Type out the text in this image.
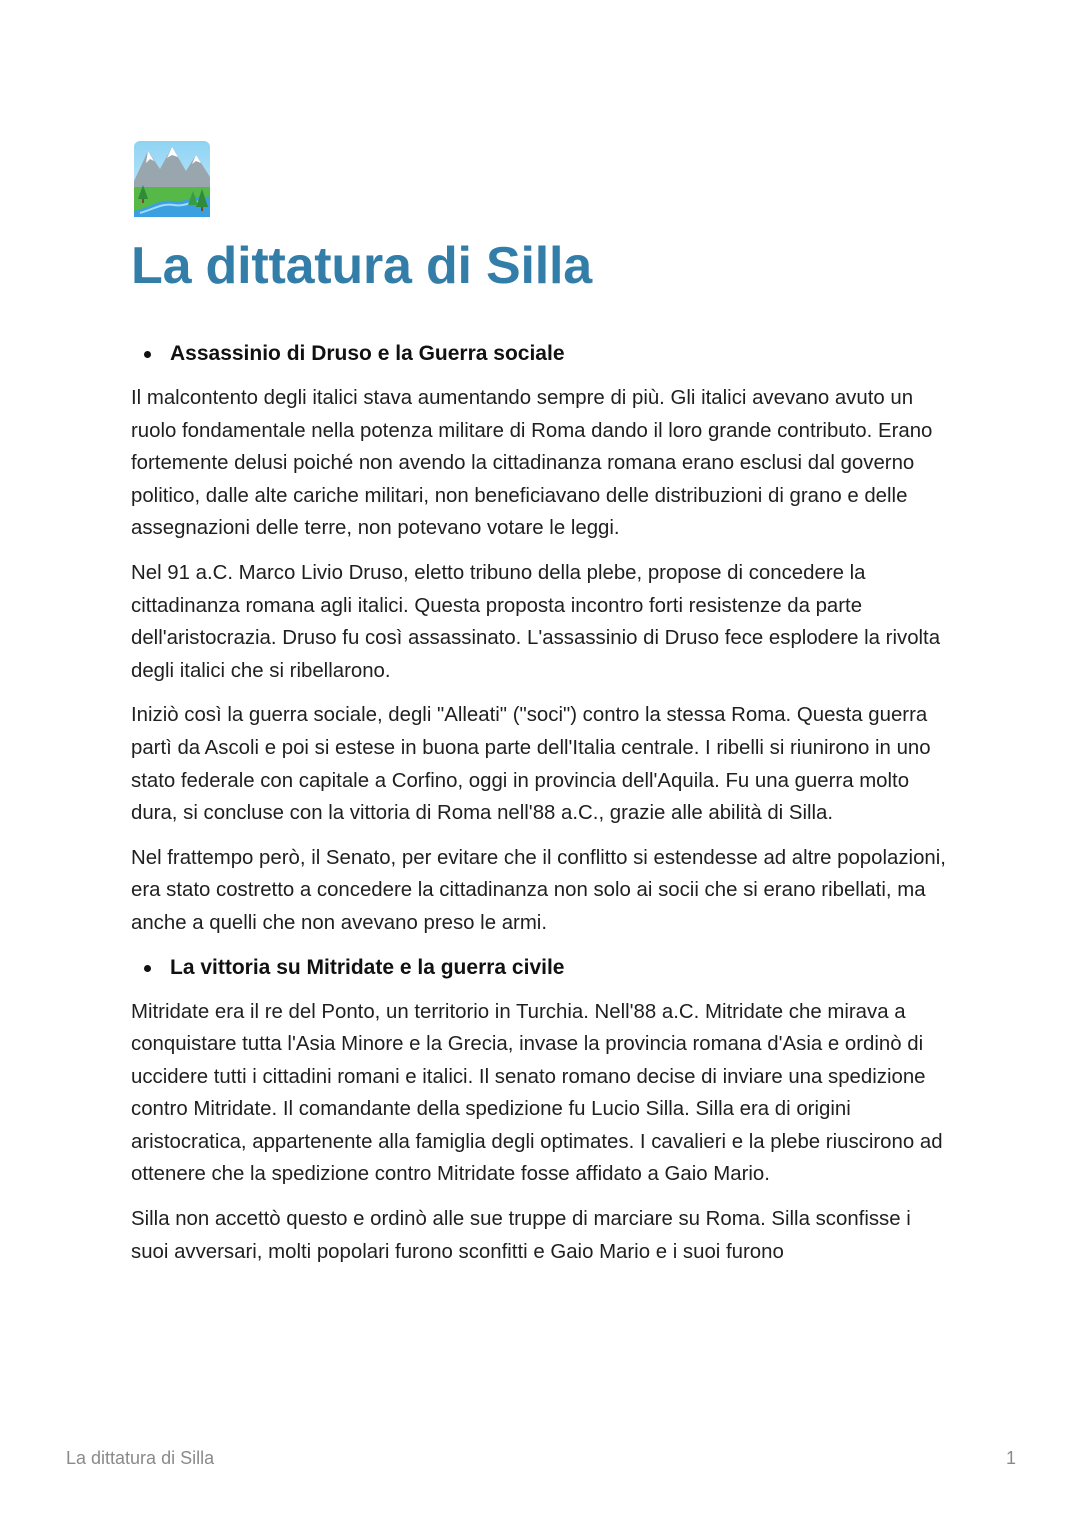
La dittatura di Silla
Assassinio di Druso e la Guerra sociale

Il malcontento degli italici stava aumentando sempre di più. Gli italici avevano avuto un ruolo fondamentale nella potenza militare di Roma dando il loro grande contributo. Erano fortemente delusi poiché non avendo la cittadinanza romana erano esclusi dal governo politico, dalle alte cariche militari, non beneficiavano delle distribuzioni di grano e delle assegnazioni delle terre, non potevano votare le leggi.

Nel 91 a.C. Marco Livio Druso, eletto tribuno della plebe, propose di concedere la cittadinanza romana agli italici. Questa proposta incontro forti resistenze da parte dell'aristocrazia. Druso fu così assassinato. L'assassinio di Druso fece esplodere la rivolta degli italici che si ribellarono.

Iniziò così la guerra sociale, degli "Alleati" ("soci") contro la stessa Roma. Questa guerra partì da Ascoli e poi si estese in buona parte dell'Italia centrale. I ribelli si riunirono in uno stato federale con capitale a Corfino, oggi in provincia dell'Aquila. Fu una guerra molto dura, si concluse con la vittoria di Roma nell'88 a.C., grazie alle abilità di Silla.

Nel frattempo però, il Senato, per evitare che il conflitto si estendesse ad altre popolazioni, era stato costretto a concedere la cittadinanza non solo ai socii che si erano ribellati, ma anche a quelli che non avevano preso le armi.

La vittoria su Mitridate e la guerra civile

Mitridate era il re del Ponto, un territorio in Turchia. Nell'88 a.C. Mitridate che mirava a conquistare tutta l'Asia Minore e la Grecia, invase la provincia romana d'Asia e ordinò di uccidere tutti i cittadini romani e italici. Il senato romano decise di inviare una spedizione contro Mitridate. Il comandante della spedizione fu Lucio Silla. Silla era di origini aristocratica, appartenente alla famiglia degli optimates. I cavalieri e la plebe riuscirono ad ottenere che la spedizione contro Mitridate fosse affidato a Gaio Mario.

Silla non accettò questo e ordinò alle sue truppe di marciare su Roma. Silla sconfisse i suoi avversari, molti popolari furono sconfitti e Gaio Mario e i suoi furono

La dittatura di Silla	1
